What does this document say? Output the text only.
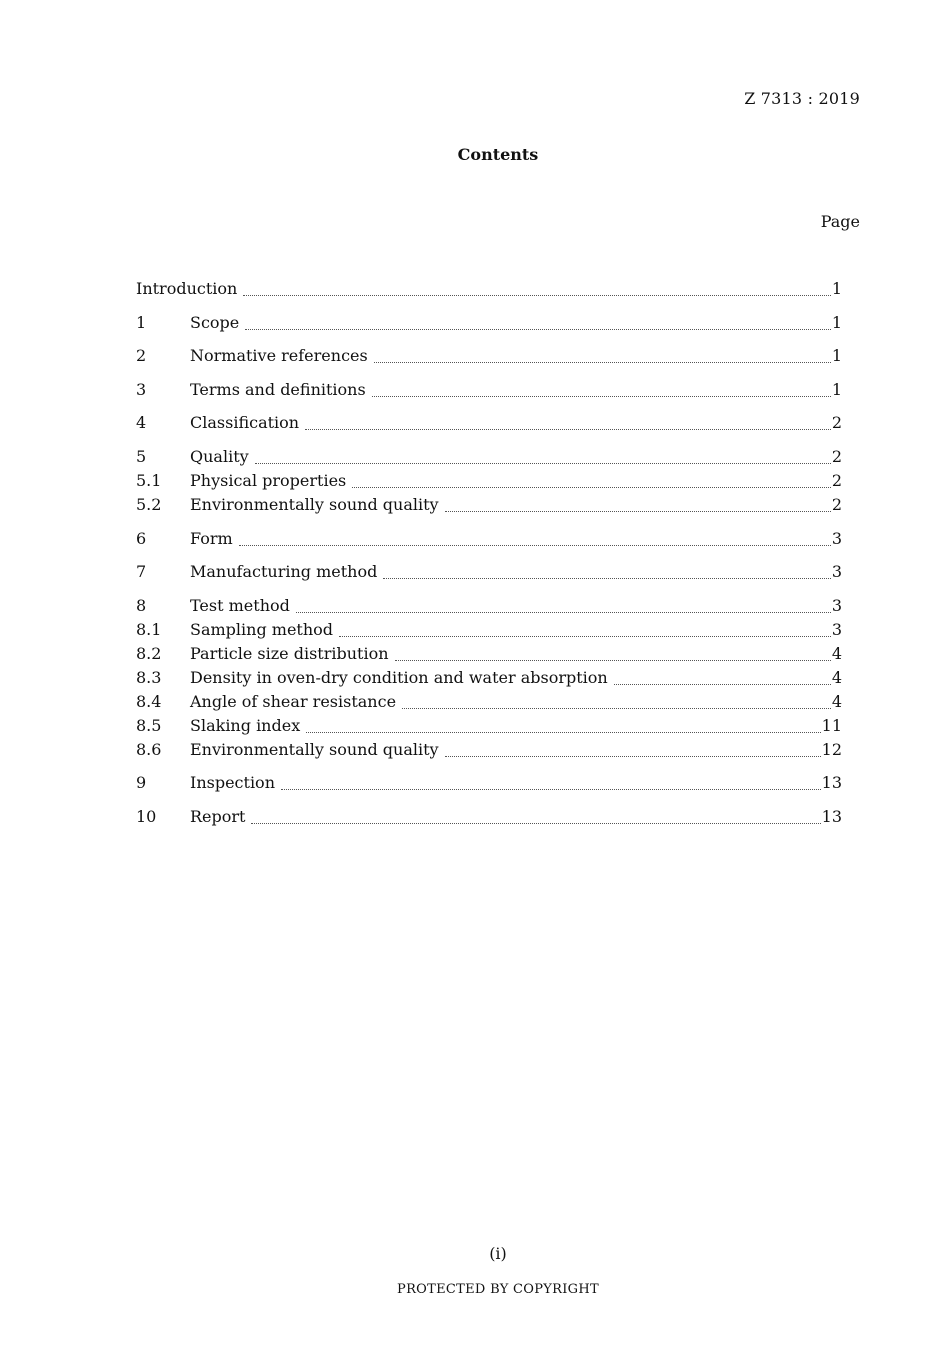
Z 7313 : 2019
Contents
Page
Introduction	1
1	Scope	1
2	Normative references	1
3	Terms and definitions	1
4	Classification	2
5	Quality	2
5.1	Physical properties	2
5.2	Environmentally sound quality	2
6	Form	3
7	Manufacturing method	3
8	Test method	3
8.1	Sampling method	3
8.2	Particle size distribution	4
8.3	Density in oven-dry condition and water absorption	4
8.4	Angle of shear resistance	4
8.5	Slaking index	11
8.6	Environmentally sound quality	12
9	Inspection	13
10	Report	13
(i)
PROTECTED BY COPYRIGHT
